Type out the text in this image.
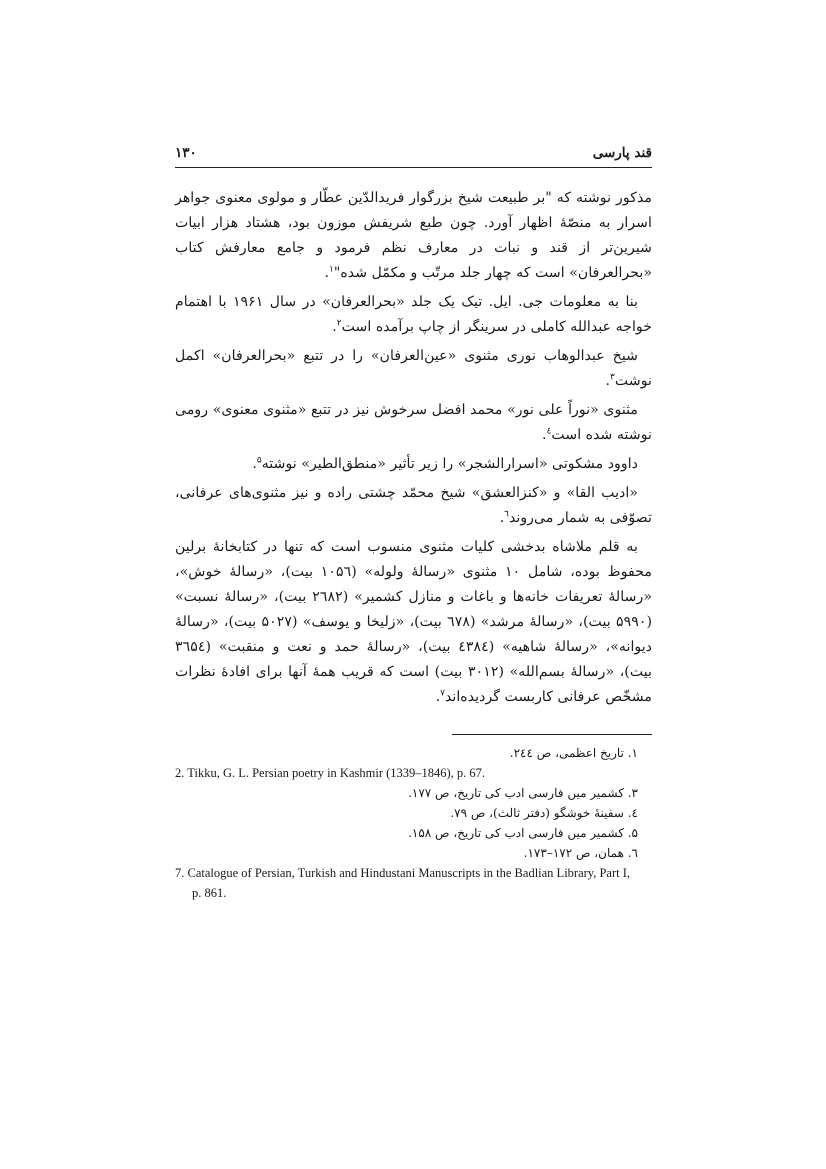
قند پارسی
۱۳۰

مذکور نوشته که "بر طبیعت شیخ بزرگوار فریدالدّین عطّار و مولوی معنوی جواهر اسرار به منصّهٔ اظهار آورد. چون طبع شریفش موزون بود، هشتاد هزار ابیات شیرین‌تر از قند و نبات در معارف نظم فرمود و جامع معارفش کتاب «بحرالعرفان» است که چهار جلد مرتّب و مکمّل شده"$^۱$.

بنا به معلومات جی. ایل. تیک یک جلد «بحرالعرفان» در سال ۱۹۶۱ با اهتمام خواجه عبدالله کاملی در سرینگر از چاپ برآمده است$^۲$.

شیخ عبدالوهاب نوری مثنوی «عین‌العرفان» را در تتبع «بحرالعرفان» اکمل نوشت$^۳$.

مثنوی «نوراً علی نور» محمد افضل سرخوش نیز در تتبع «مثنوی معنوی» رومی نوشته شده است$^٤$.

داوود مشکوتی «اسرارالشجر» را زیر تأثیر «منطق‌الطیر» نوشته$^۵$.

«ادیب القا» و «کنزالعشق» شیخ محمّد چشتی راده و نیز مثنوی‌های عرفانی، تصوّفی به شمار می‌روند$^٦$.

به قلم ملاشاه بدخشی کلیات مثنوی منسوب است که تنها در کتابخانهٔ برلین محفوظ بوده، شامل ۱۰ مثنوی «رسالهٔ ولوله» (۱۰۵٦ بیت)، «رسالهٔ خوش»، «رسالهٔ تعریفات خانه‌ها و باغات و منازل کشمیر» (۲٦۸۲ بیت)، «رسالهٔ نسبت» (۵۹۹۰ بیت)، «رسالهٔ مرشد» (٦۷۸ بیت)، «زلیخا و یوسف» (۵۰۲۷ بیت)، «رسالهٔ دیوانه»، «رسالهٔ شاهیه» (٤۳۸٤ بیت)، «رسالهٔ حمد و نعت و منقبت» (۳٦۵٤ بیت)، «رسالهٔ بسم‌الله» (۳۰۱۲ بیت) است که قریب همهٔ آنها برای افادهٔ نظرات مشخّص عرفانی کاربست گردیده‌اند$^۷$.

۱. تاریخ اعظمی، ص ۲٤٤.
2. Tikku, G. L. Persian poetry in Kashmir (1339–1846), p. 67.
۳. کشمیر میں فارسی ادب کی تاریخ، ص ۱۷۷.
٤. سفینهٔ خوشگو (دفتر ثالث)، ص ۷۹.
۵. کشمیر میں فارسی ادب کی تاریخ، ص ۱۵۸.
٦. همان، ص ۱۷۲–۱۷۳.
7. Catalogue of Persian, Turkish and Hindustani Manuscripts in the Badlian Library, Part I,
p. 861.
